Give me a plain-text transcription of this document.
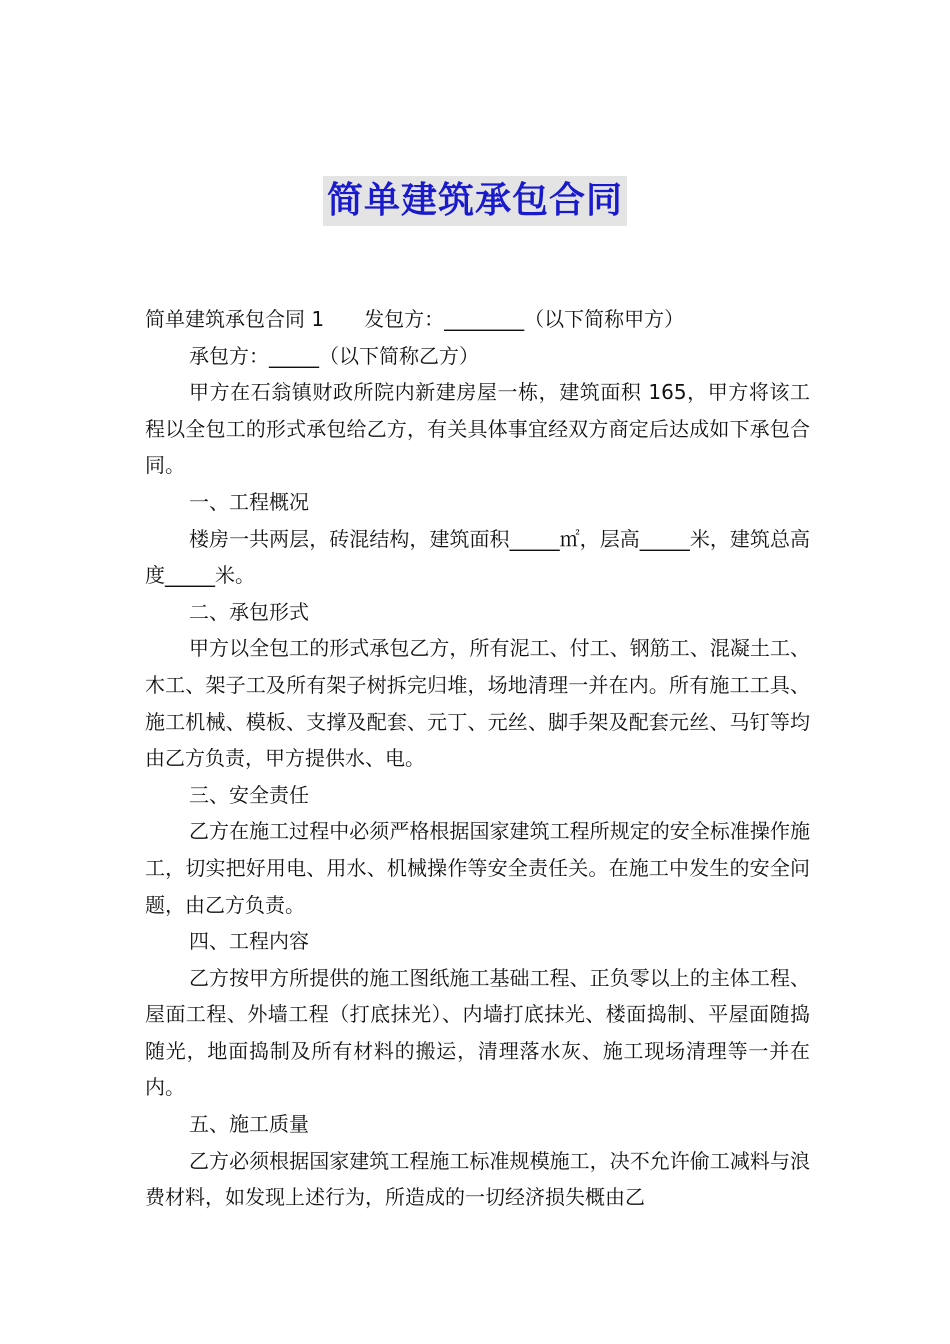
简单建筑承包合同

简单建筑承包合同 1 发包方：________（以下简称甲方）

承包方：_____（以下简称乙方）

甲方在石翁镇财政所院内新建房屋一栋，建筑面积 165，甲方将该工程以全包工的形式承包给乙方，有关具体事宜经双方商定后达成如下承包合同。

一、工程概况

楼房一共两层，砖混结构，建筑面积_____㎡，层高_____米，建筑总高度_____米。

二、承包形式

甲方以全包工的形式承包乙方，所有泥工、付工、钢筋工、混凝土工、木工、架子工及所有架子树拆完归堆，场地清理一并在内。所有施工工具、施工机械、模板、支撑及配套、元丁、元丝、脚手架及配套元丝、马钉等均由乙方负责，甲方提供水、电。

三、安全责任

乙方在施工过程中必须严格根据国家建筑工程所规定的安全标准操作施工，切实把好用电、用水、机械操作等安全责任关。在施工中发生的安全问题，由乙方负责。

四、工程内容

乙方按甲方所提供的施工图纸施工基础工程、正负零以上的主体工程、屋面工程、外墙工程（打底抹光）、内墙打底抹光、楼面捣制、平屋面随捣随光，地面捣制及所有材料的搬运，清理落水灰、施工现场清理等一并在内。

五、施工质量

乙方必须根据国家建筑工程施工标准规模施工，决不允许偷工减料与浪费材料，如发现上述行为，所造成的一切经济损失概由乙
